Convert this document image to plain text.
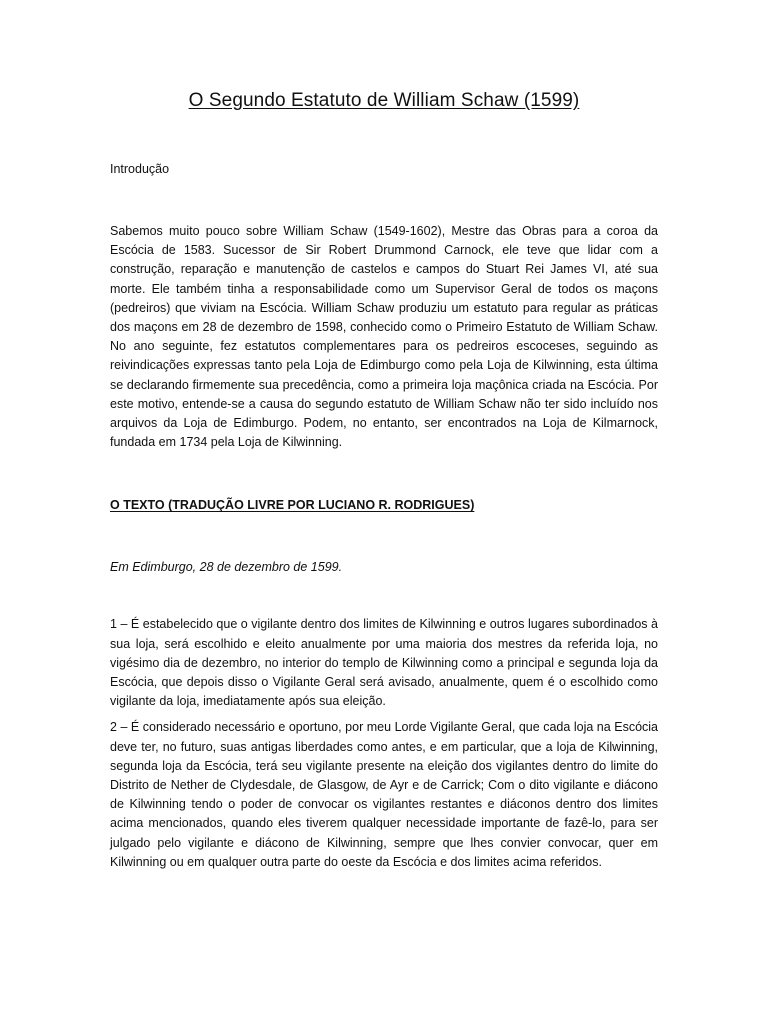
O Segundo Estatuto de William Schaw (1599)

Introdução

Sabemos muito pouco sobre William Schaw (1549-1602), Mestre das Obras para a coroa da Escócia de 1583. Sucessor de Sir Robert Drummond Carnock, ele teve que lidar com a construção, reparação e manutenção de castelos e campos do Stuart Rei James VI, até sua morte. Ele também tinha a responsabilidade como um Supervisor Geral de todos os maçons (pedreiros) que viviam na Escócia. William Schaw produziu um estatuto para regular as práticas dos maçons em 28 de dezembro de 1598, conhecido como o Primeiro Estatuto de William Schaw. No ano seguinte, fez estatutos complementares para os pedreiros escoceses, seguindo as reivindicações expressas tanto pela Loja de Edimburgo como pela Loja de Kilwinning, esta última se declarando firmemente sua precedência, como a primeira loja maçônica criada na Escócia. Por este motivo, entende-se a causa do segundo estatuto de William Schaw não ter sido incluído nos arquivos da Loja de Edimburgo. Podem, no entanto, ser encontrados na Loja de Kilmarnock, fundada em 1734 pela Loja de Kilwinning.

O TEXTO (TRADUÇÃO LIVRE POR LUCIANO R. RODRIGUES)

Em Edimburgo, 28 de dezembro de 1599.

1 – É estabelecido que o vigilante dentro dos limites de Kilwinning e outros lugares subordinados à sua loja, será escolhido e eleito anualmente por uma maioria dos mestres da referida loja, no vigésimo dia de dezembro, no interior do templo de Kilwinning como a principal e segunda loja da Escócia, que depois disso o Vigilante Geral será avisado, anualmente, quem é o escolhido como vigilante da loja, imediatamente após sua eleição.

2 – É considerado necessário e oportuno, por meu Lorde Vigilante Geral, que cada loja na Escócia deve ter, no futuro, suas antigas liberdades como antes, e em particular, que a loja de Kilwinning, segunda loja da Escócia, terá seu vigilante presente na eleição dos vigilantes dentro do limite do Distrito de Nether de Clydesdale, de Glasgow, de Ayr e de Carrick; Com o dito vigilante e diácono de Kilwinning tendo o poder de convocar os vigilantes restantes e diáconos dentro dos limites acima mencionados, quando eles tiverem qualquer necessidade importante de fazê-lo, para ser julgado pelo vigilante e diácono de Kilwinning, sempre que lhes convier convocar, quer em Kilwinning ou em qualquer outra parte do oeste da Escócia e dos limites acima referidos.
